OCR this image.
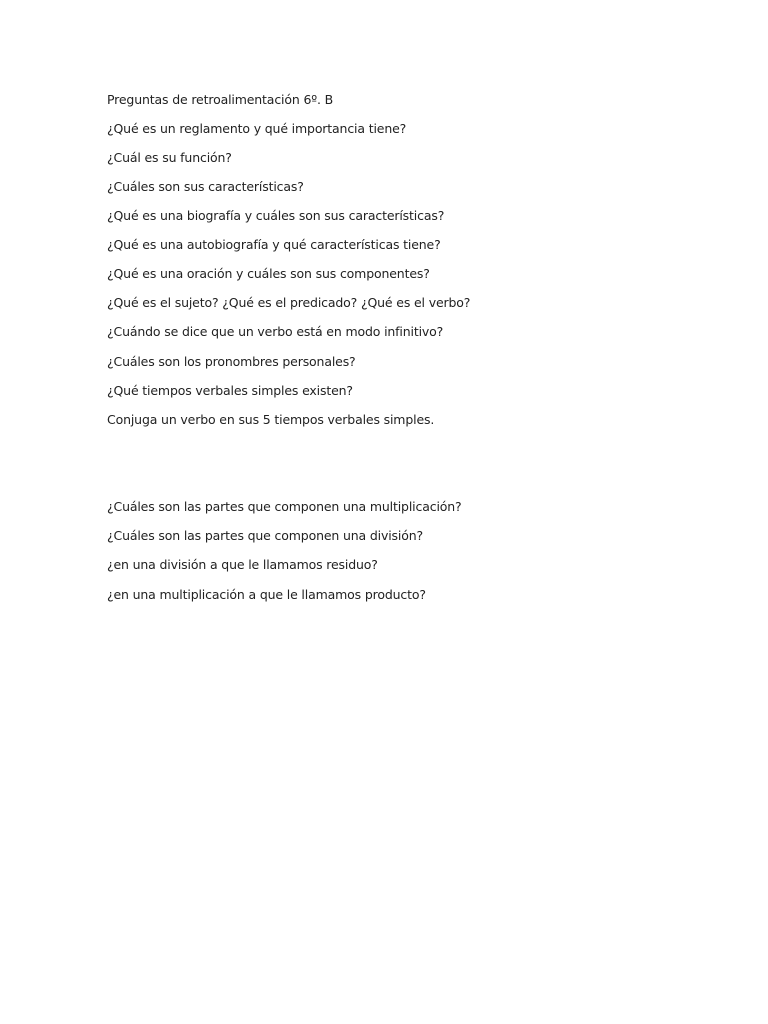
Preguntas de retroalimentación 6º. B
¿Qué es un reglamento y qué importancia tiene?
¿Cuál es su función?
¿Cuáles son sus características?
¿Qué es una biografía y cuáles son sus características?
¿Qué es una autobiografía y qué características tiene?
¿Qué es una oración y cuáles son sus componentes?
¿Qué es el sujeto? ¿Qué es el predicado? ¿Qué es el verbo?
¿Cuándo se dice que un verbo está en modo infinitivo?
¿Cuáles son los pronombres personales?
¿Qué tiempos verbales simples existen?
Conjuga un verbo en sus 5 tiempos verbales simples.
¿Cuáles son las partes que componen una multiplicación?
¿Cuáles son las partes que componen una división?
¿en una división a que le llamamos residuo?
¿en una multiplicación a que le llamamos producto?
